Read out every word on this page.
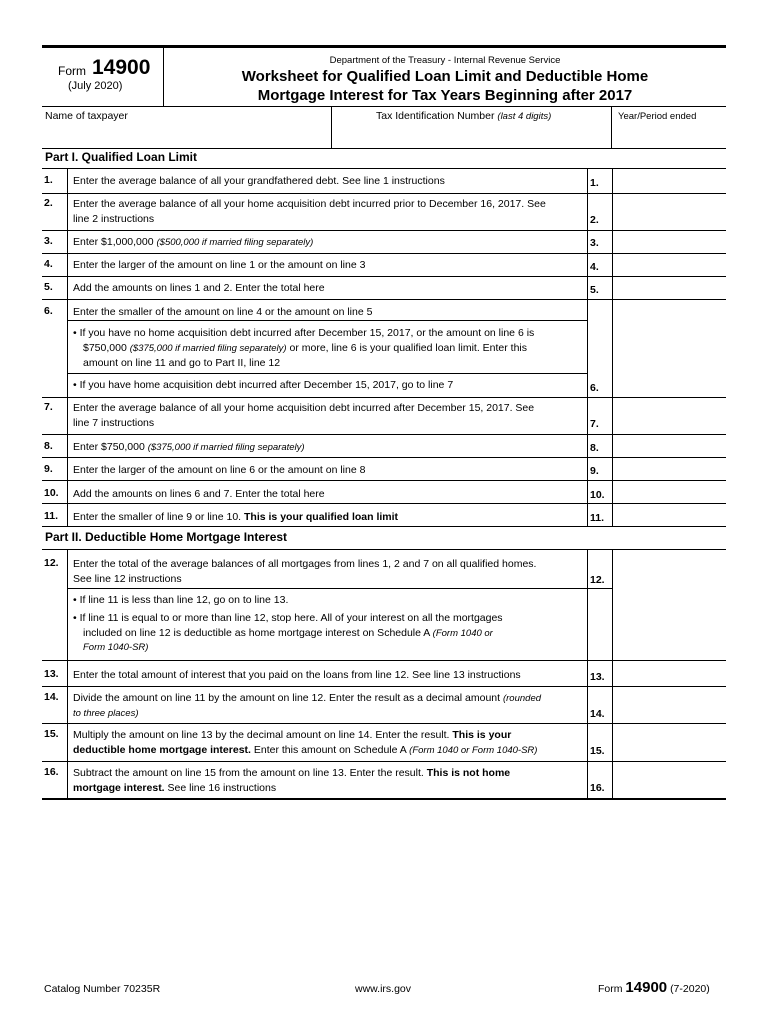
Form 14900
(July 2020)
Department of the Treasury - Internal Revenue Service
Worksheet for Qualified Loan Limit and Deductible Home
Mortgage Interest for Tax Years Beginning after 2017
Name of taxpayer	Tax Identification Number (last 4 digits)	Year/Period ended
Part I. Qualified Loan Limit
1. Enter the average balance of all your grandfathered debt. See line 1 instructions	1.
2. Enter the average balance of all your home acquisition debt incurred prior to December 16, 2017. See
line 2 instructions	2.
3. Enter $1,000,000 ($500,000 if married filing separately)	3.
4. Enter the larger of the amount on line 1 or the amount on line 3	4.
5. Add the amounts on lines 1 and 2. Enter the total here	5.
6. Enter the smaller of the amount on line 4 or the amount on line 5
• If you have no home acquisition debt incurred after December 15, 2017, or the amount on line 6 is
$750,000 ($375,000 if married filing separately) or more, line 6 is your qualified loan limit. Enter this
amount on line 11 and go to Part II, line 12
• If you have home acquisition debt incurred after December 15, 2017, go to line 7	6.
7. Enter the average balance of all your home acquisition debt incurred after December 15, 2017. See
line 7 instructions	7.
8. Enter $750,000 ($375,000 if married filing separately)	8.
9. Enter the larger of the amount on line 6 or the amount on line 8	9.
10. Add the amounts on lines 6 and 7. Enter the total here	10.
11. Enter the smaller of line 9 or line 10. This is your qualified loan limit	11.
Part II. Deductible Home Mortgage Interest
12. Enter the total of the average balances of all mortgages from lines 1, 2 and 7 on all qualified homes.
See line 12 instructions	12.
• If line 11 is less than line 12, go on to line 13.
• If line 11 is equal to or more than line 12, stop here. All of your interest on all the mortgages
included on line 12 is deductible as home mortgage interest on Schedule A (Form 1040 or
Form 1040-SR)
13. Enter the total amount of interest that you paid on the loans from line 12. See line 13 instructions	13.
14. Divide the amount on line 11 by the amount on line 12. Enter the result as a decimal amount (rounded
to three places)	14.
15. Multiply the amount on line 13 by the decimal amount on line 14. Enter the result. This is your
deductible home mortgage interest. Enter this amount on Schedule A (Form 1040 or Form 1040-SR)	15.
16. Subtract the amount on line 15 from the amount on line 13. Enter the result. This is not home
mortgage interest. See line 16 instructions	16.
Catalog Number 70235R	www.irs.gov	Form 14900 (7-2020)
